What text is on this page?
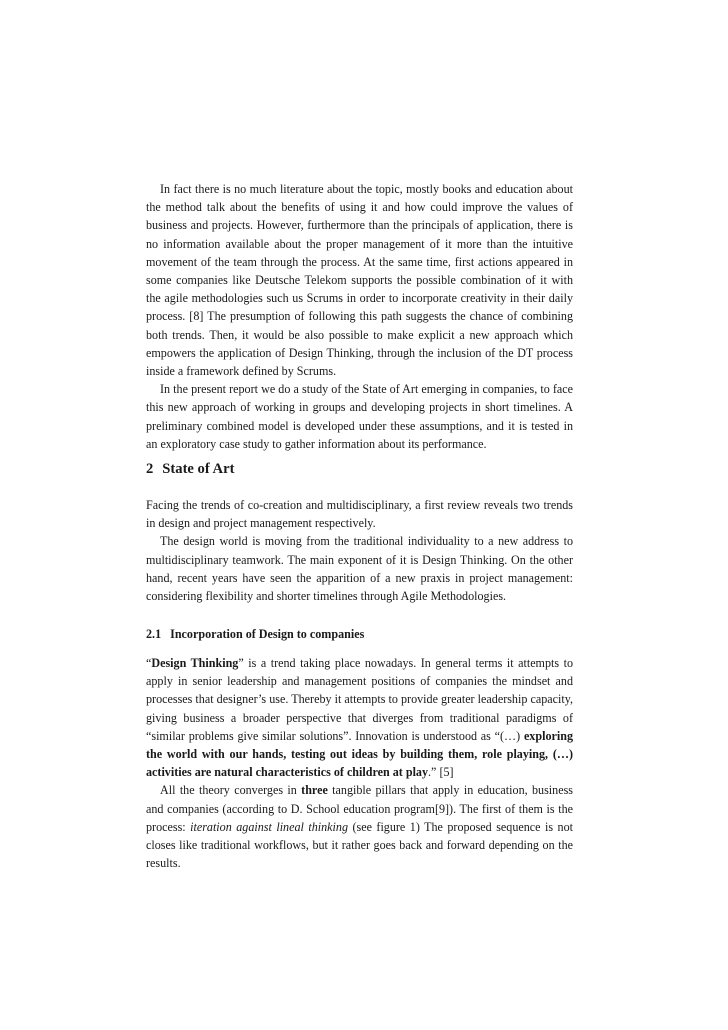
In fact there is no much literature about the topic, mostly books and education about the method talk about the benefits of using it and how could improve the values of business and projects. However, furthermore than the principals of application, there is no information available about the proper management of it more than the intuitive movement of the team through the process. At the same time, first actions appeared in some companies like Deutsche Telekom supports the possible combination of it with the agile methodologies such us Scrums in order to incorporate creativity in their daily process. [8] The presumption of following this path suggests the chance of combining both trends. Then, it would be also possible to make explicit a new approach which empowers the application of Design Thinking, through the inclusion of the DT process inside a framework defined by Scrums.

In the present report we do a study of the State of Art emerging in companies, to face this new approach of working in groups and developing projects in short timelines. A preliminary combined model is developed under these assumptions, and it is tested in an exploratory case study to gather information about its performance.

2 State of Art

Facing the trends of co-creation and multidisciplinary, a first review reveals two trends in design and project management respectively.

The design world is moving from the traditional individuality to a new address to multidisciplinary teamwork. The main exponent of it is Design Thinking. On the other hand, recent years have seen the apparition of a new praxis in project management: considering flexibility and shorter timelines through Agile Methodologies.

2.1 Incorporation of Design to companies

“Design Thinking” is a trend taking place nowadays. In general terms it attempts to apply in senior leadership and management positions of companies the mindset and processes that designer’s use. Thereby it attempts to provide greater leadership capacity, giving business a broader perspective that diverges from traditional paradigms of “similar problems give similar solutions”. Innovation is understood as “(…) exploring the world with our hands, testing out ideas by building them, role playing, (…) activities are natural characteristics of children at play.” [5]

All the theory converges in three tangible pillars that apply in education, business and companies (according to D. School education program[9]). The first of them is the process: iteration against lineal thinking (see figure 1) The proposed sequence is not closes like traditional workflows, but it rather goes back and forward depending on the results.
